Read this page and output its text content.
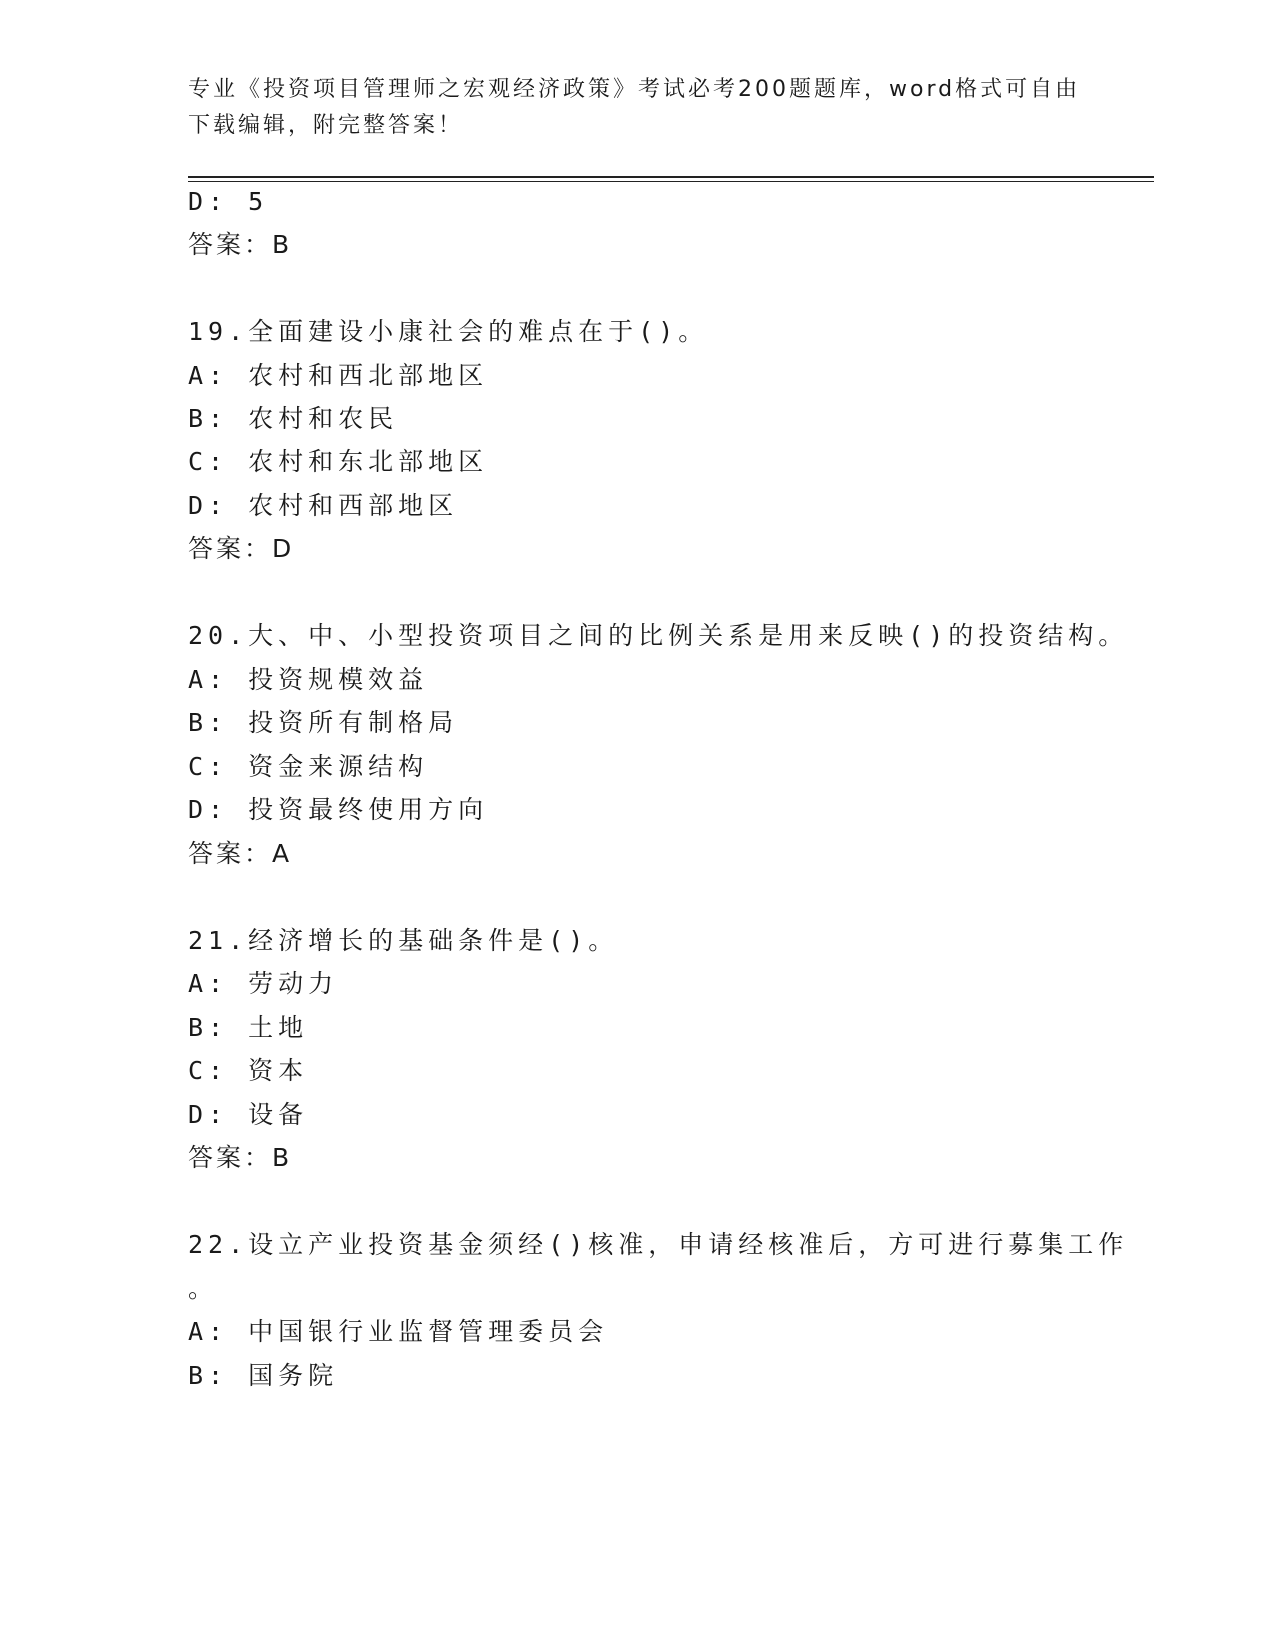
专业《投资项目管理师之宏观经济政策》考试必考200题题库，word格式可自由
下载编辑，附完整答案！
D: 5
答案：B
19.全面建设小康社会的难点在于()。
A: 农村和西北部地区
B: 农村和农民
C: 农村和东北部地区
D: 农村和西部地区
答案：D
20.大、中、小型投资项目之间的比例关系是用来反映()的投资结构。
A: 投资规模效益
B: 投资所有制格局
C: 资金来源结构
D: 投资最终使用方向
答案：A
21.经济增长的基础条件是()。
A: 劳动力
B: 土地
C: 资本
D: 设备
答案：B
22.设立产业投资基金须经()核准，申请经核准后，方可进行募集工作
。
A: 中国银行业监督管理委员会
B: 国务院
